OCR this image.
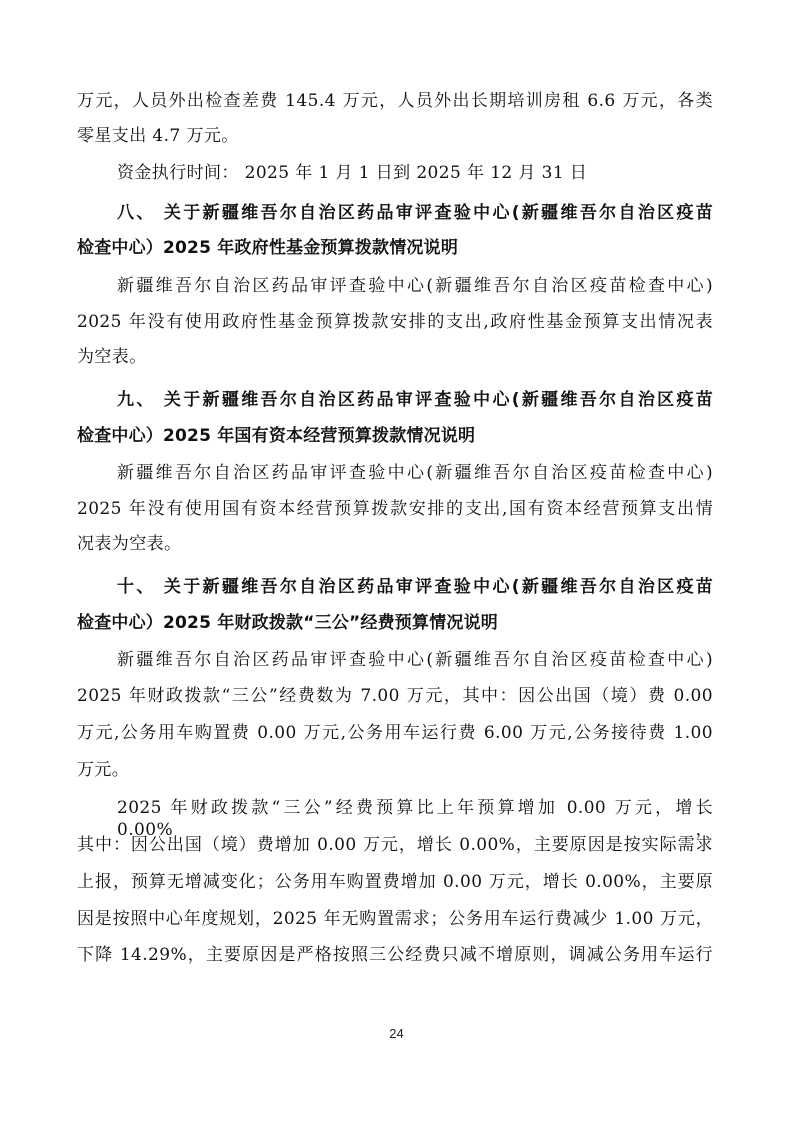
万元，人员外出检查差费 145.4 万元，人员外出长期培训房租 6.6 万元，各类
零星支出 4.7 万元。
资金执行时间： 2025 年 1 月 1 日到 2025 年 12 月 31 日
八、 关于新疆维吾尔自治区药品审评查验中心(新疆维吾尔自治区疫苗
检查中心）2025 年政府性基金预算拨款情况说明
新疆维吾尔自治区药品审评查验中心(新疆维吾尔自治区疫苗检查中心)
2025 年没有使用政府性基金预算拨款安排的支出,政府性基金预算支出情况表
为空表。
九、 关于新疆维吾尔自治区药品审评查验中心(新疆维吾尔自治区疫苗
检查中心）2025 年国有资本经营预算拨款情况说明
新疆维吾尔自治区药品审评查验中心(新疆维吾尔自治区疫苗检查中心)
2025 年没有使用国有资本经营预算拨款安排的支出,国有资本经营预算支出情
况表为空表。
十、 关于新疆维吾尔自治区药品审评查验中心(新疆维吾尔自治区疫苗
检查中心）2025 年财政拨款“三公”经费预算情况说明
新疆维吾尔自治区药品审评查验中心(新疆维吾尔自治区疫苗检查中心)
2025 年财政拨款“三公”经费数为 7.00 万元，其中：因公出国（境）费 0.00
万元,公务用车购置费 0.00 万元,公务用车运行费 6.00 万元,公务接待费 1.00
万元。
2025 年财政拨款“三公”经费预算比上年预算增加 0.00 万元，增长 0.00%，
其中：因公出国（境）费增加 0.00 万元，增长 0.00%，主要原因是按实际需求
上报，预算无增减变化；公务用车购置费增加 0.00 万元，增长 0.00%，主要原
因是按照中心年度规划，2025 年无购置需求；公务用车运行费减少 1.00 万元，
下降 14.29%，主要原因是严格按照三公经费只减不增原则，调减公务用车运行
24
